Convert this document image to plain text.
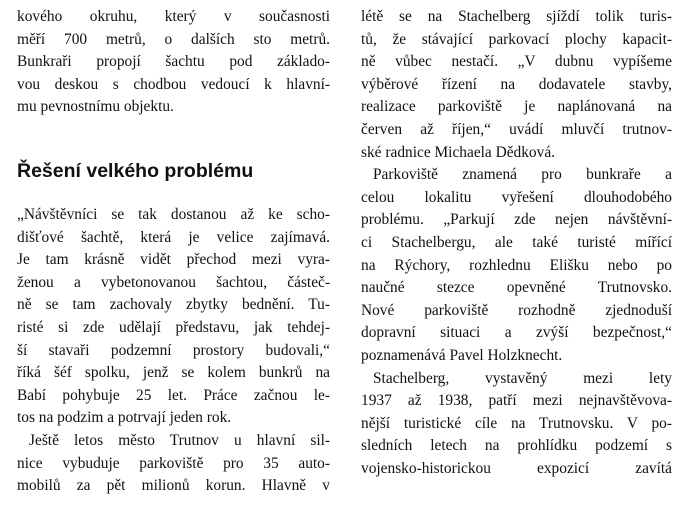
kového okruhu, který v současnosti
měří 700 metrů, o dalších sto metrů.
Bunkraři propojí šachtu pod základo-
vou deskou s chodbou vedoucí k hlavní-
mu pevnostnímu objektu.
Řešení velkého problému
„Návštěvníci se tak dostanou až ke scho-
dišťové šachtě, která je velice zajímavá.
Je tam krásně vidět přechod mezi vyra-
ženou a vybetonovanou šachtou, částeč-
ně se tam zachovaly zbytky bednění. Tu-
risté si zde udělají představu, jak tehdej-
ší stavaři podzemní prostory budovali,“
říká šéf spolku, jenž se kolem bunkrů na
Babí pohybuje 25 let. Práce začnou le-
tos na podzim a potrvají jeden rok.
Ještě letos město Trutnov u hlavní sil-
nice vybuduje parkoviště pro 35 auto-
mobilů za pět milionů korun. Hlavně v
létě se na Stachelberg sjíždí tolik turis-
tů, že stávající parkovací plochy kapacit-
ně vůbec nestačí. „V dubnu vypíšeme
výběrové řízení na dodavatele stavby,
realizace parkoviště je naplánovaná na
červen až říjen,“ uvádí mluvčí trutnov-
ské radnice Michaela Dědková.
Parkoviště znamená pro bunkraře a
celou lokalitu vyřešení dlouhodobého
problému. „Parkují zde nejen návštěvní-
ci Stachelbergu, ale také turisté mířící
na Rýchory, rozhlednu Elišku nebo po
naučné stezce opevněné Trutnovsko.
Nové parkoviště rozhodně zjednoduší
dopravní situaci a zvýší bezpečnost,“
poznamenává Pavel Holzknecht.
Stachelberg, vystavěný mezi lety
1937 až 1938, patří mezi nejnavštěvova-
nější turistické cíle na Trutnovsku. V po-
sledních letech na prohlídku podzemí s
vojensko-historickou expozicí zavítá
